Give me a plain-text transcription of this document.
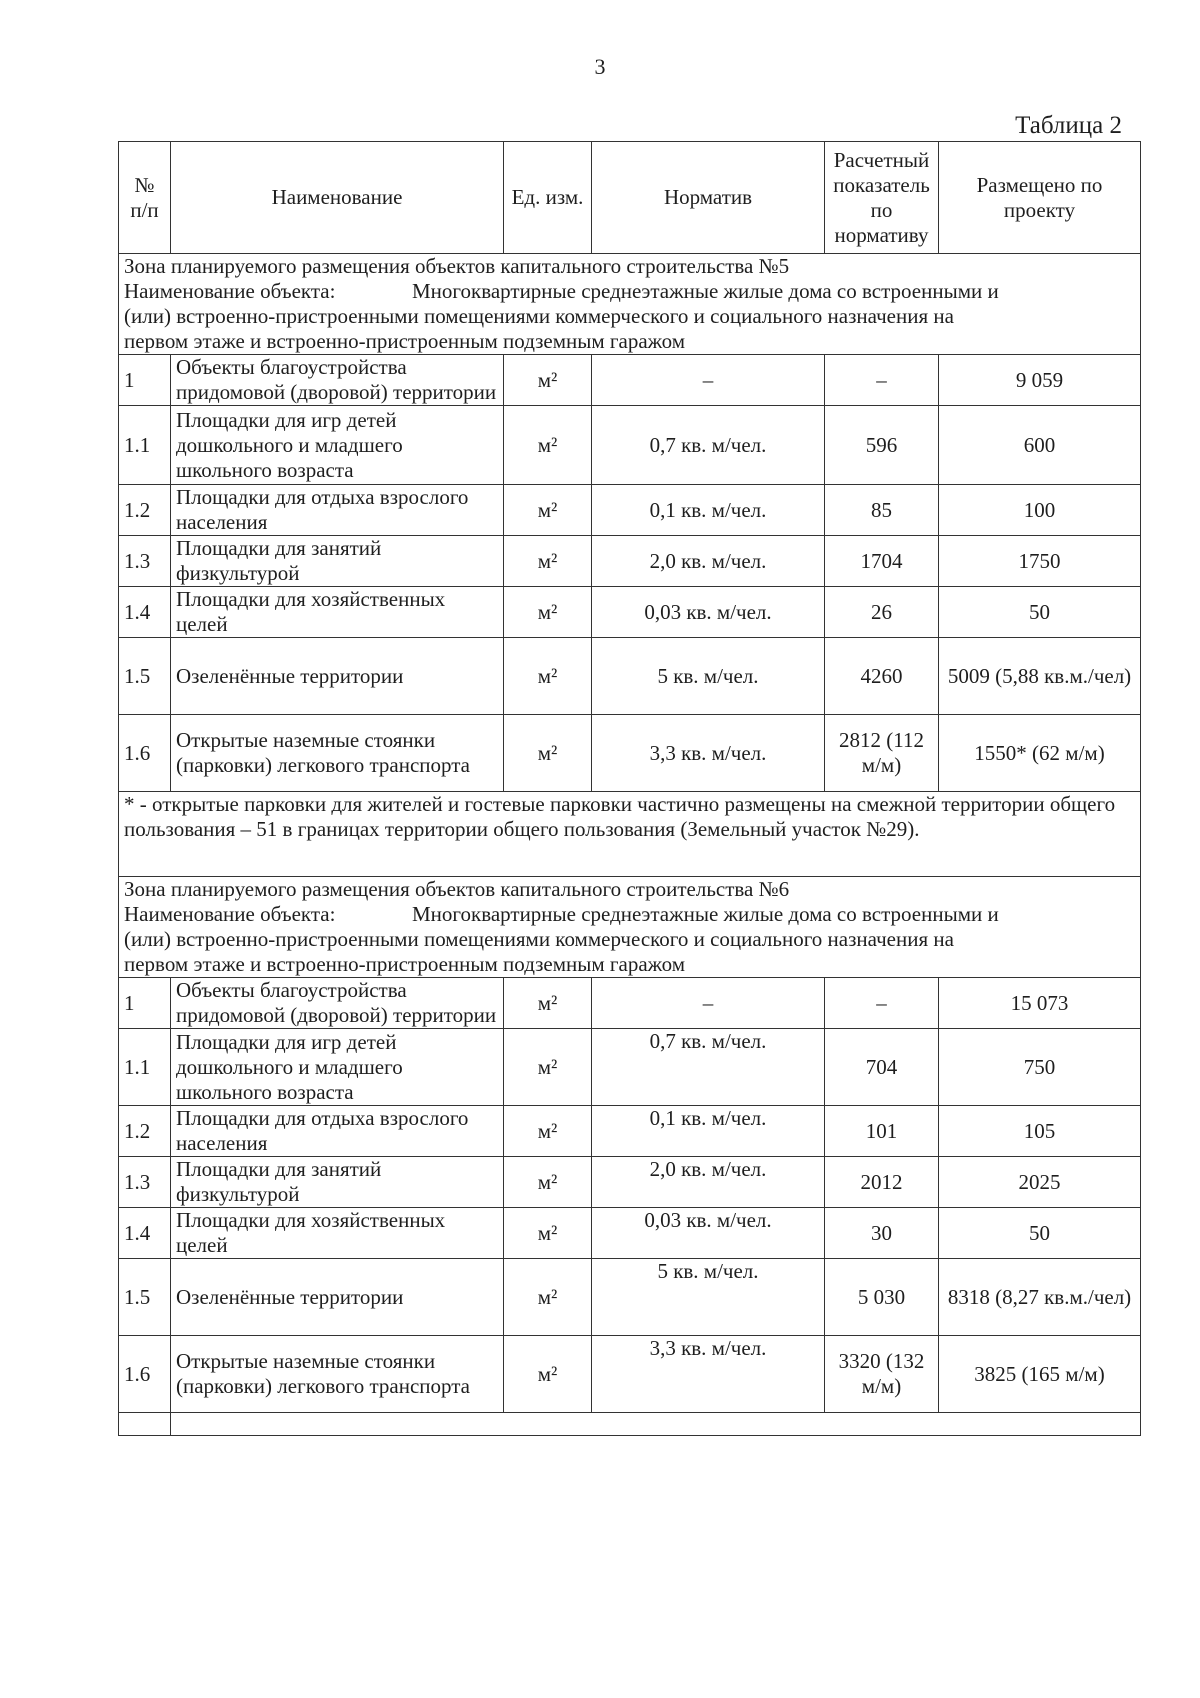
3
Таблица 2
№ п/п	Наименование	Ед. изм.	Норматив	Расчетный показатель по нормативу	Размещено по проекту

Зона планируемого размещения объектов капитального строительства №5
Наименование объекта: Многоквартирные среднеэтажные жилые дома со встроенными и
(или) встроенно-пристроенными помещениями коммерческого и социального назначения на
первом этаже и встроенно-пристроенным подземным гаражом					

1	Объекты благоустройства придомовой (дворовой) территории	м²	–	–	9 059
1.1	Площадки для игр детей дошкольного и младшего школьного возраста	м²	0,7 кв. м/чел.	596	600
1.2	Площадки для отдыха взрослого населения	м²	0,1 кв. м/чел.	85	100
1.3	Площадки для занятий физкультурой	м²	2,0 кв. м/чел.	1704	1750
1.4	Площадки для хозяйственных целей	м²	0,03 кв. м/чел.	26	50
1.5	Озеленённые территории	м²	5 кв. м/чел.	4260	5009 (5,88 кв.м./чел)
1.6	Открытые наземные стоянки (парковки) легкового транспорта	м²	3,3 кв. м/чел.	2812 (112 м/м)	1550* (62 м/м)
* - открытые парковки для жителей и гостевые парковки частично размещены на смежной территории общего пользования – 51 в границах территории общего пользования (Земельный участок №29).					

Зона планируемого размещения объектов капитального строительства №6
Наименование объекта: Многоквартирные среднеэтажные жилые дома со встроенными и
(или) встроенно-пристроенными помещениями коммерческого и социального назначения на
первом этаже и встроенно-пристроенным подземным гаражом					

1	Объекты благоустройства придомовой (дворовой) территории	м²	–	–	15 073
1.1	Площадки для игр детей дошкольного и младшего школьного возраста	м²	0,7 кв. м/чел.	704	750
1.2	Площадки для отдыха взрослого населения	м²	0,1 кв. м/чел.	101	105
1.3	Площадки для занятий физкультурой	м²	2,0 кв. м/чел.	2012	2025
1.4	Площадки для хозяйственных целей	м²	0,03 кв. м/чел.	30	50
1.5	Озеленённые территории	м²	5 кв. м/чел.	5 030	8318 (8,27 кв.м./чел)
1.6	Открытые наземные стоянки (парковки) легкового транспорта	м²	3,3 кв. м/чел.	3320 (132 м/м)	3825 (165 м/м)
